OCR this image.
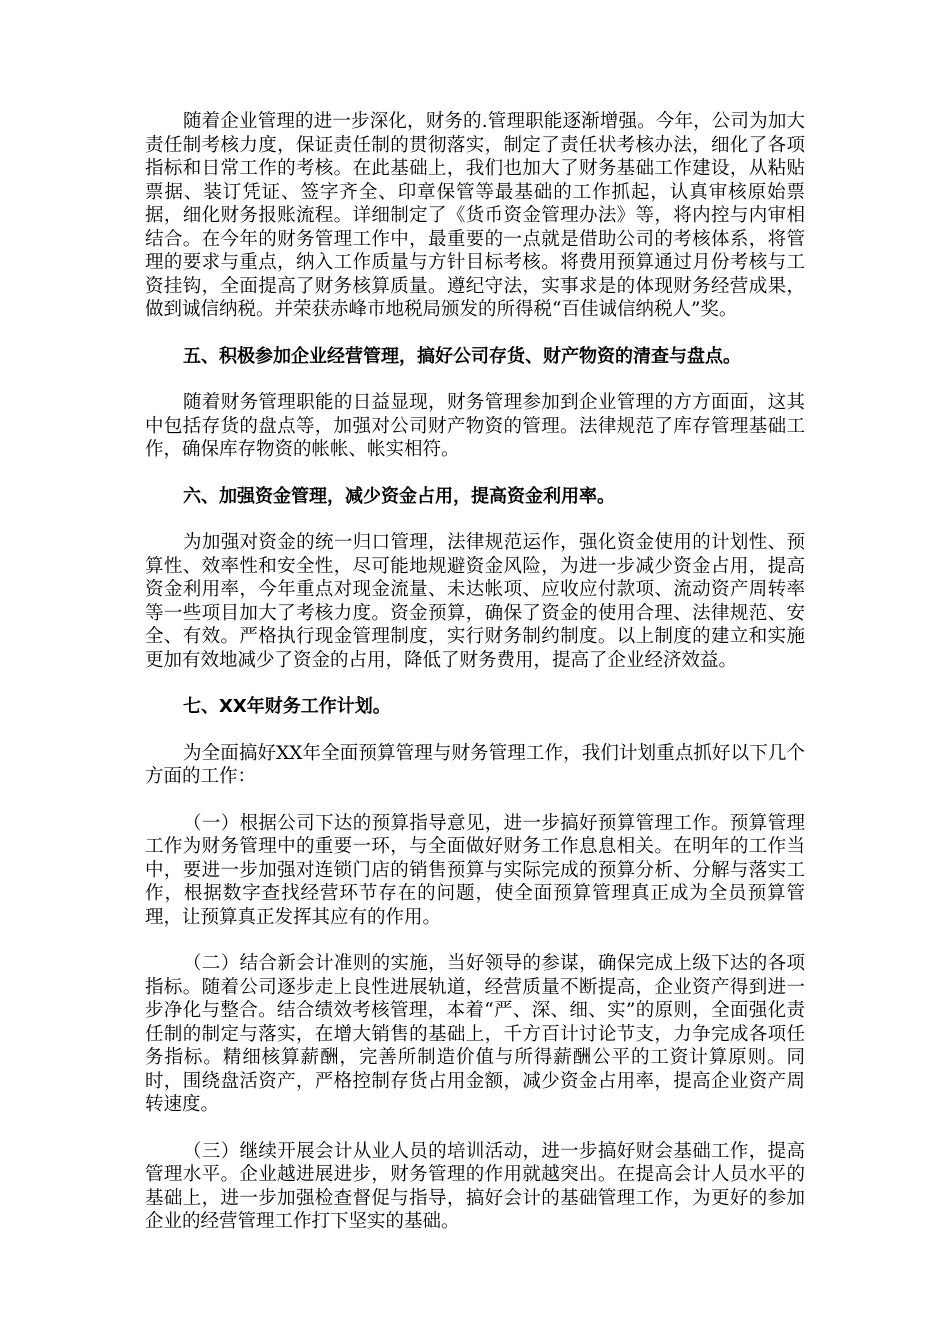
随着企业管理的进一步深化，财务的.管理职能逐渐增强。今年，公司为加大责任制考核力度，保证责任制的贯彻落实，制定了责任状考核办法，细化了各项指标和日常工作的考核。在此基础上，我们也加大了财务基础工作建设，从粘贴票据、装订凭证、签字齐全、印章保管等最基础的工作抓起，认真审核原始票据，细化财务报账流程。详细制定了《货币资金管理办法》等，将内控与内审相结合。在今年的财务管理工作中，最重要的一点就是借助公司的考核体系，将管理的要求与重点，纳入工作质量与方针目标考核。将费用预算通过月份考核与工资挂钩，全面提高了财务核算质量。遵纪守法，实事求是的体现财务经营成果，做到诚信纳税。并荣获赤峰市地税局颁发的所得税“百佳诚信纳税人”奖。

五、积极参加企业经营管理，搞好公司存货、财产物资的清查与盘点。

随着财务管理职能的日益显现，财务管理参加到企业管理的方方面面，这其中包括存货的盘点等，加强对公司财产物资的管理。法律规范了库存管理基础工作，确保库存物资的帐帐、帐实相符。

六、加强资金管理，减少资金占用，提高资金利用率。

为加强对资金的统一归口管理，法律规范运作，强化资金使用的计划性、预算性、效率性和安全性，尽可能地规避资金风险，为进一步减少资金占用，提高资金利用率，今年重点对现金流量、未达帐项、应收应付款项、流动资产周转率等一些项目加大了考核力度。资金预算，确保了资金的使用合理、法律规范、安全、有效。严格执行现金管理制度，实行财务制约制度。以上制度的建立和实施更加有效地减少了资金的占用，降低了财务费用，提高了企业经济效益。

七、XX年财务工作计划。

为全面搞好XX年全面预算管理与财务管理工作，我们计划重点抓好以下几个方面的工作：

（一）根据公司下达的预算指导意见，进一步搞好预算管理工作。预算管理工作为财务管理中的重要一环，与全面做好财务工作息息相关。在明年的工作当中，要进一步加强对连锁门店的销售预算与实际完成的预算分析、分解与落实工作，根据数字查找经营环节存在的问题，使全面预算管理真正成为全员预算管理，让预算真正发挥其应有的作用。

（二）结合新会计准则的实施，当好领导的参谋，确保完成上级下达的各项指标。随着公司逐步走上良性进展轨道，经营质量不断提高，企业资产得到进一步净化与整合。结合绩效考核管理，本着“严、深、细、实”的原则，全面强化责任制的制定与落实，在增大销售的基础上，千方百计讨论节支，力争完成各项任务指标。精细核算薪酬，完善所制造价值与所得薪酬公平的工资计算原则。同时，围绕盘活资产，严格控制存货占用金额，减少资金占用率，提高企业资产周转速度。

（三）继续开展会计从业人员的培训活动，进一步搞好财会基础工作，提高管理水平。企业越进展进步，财务管理的作用就越突出。在提高会计人员水平的基础上，进一步加强检查督促与指导，搞好会计的基础管理工作，为更好的参加企业的经营管理工作打下坚实的基础。
